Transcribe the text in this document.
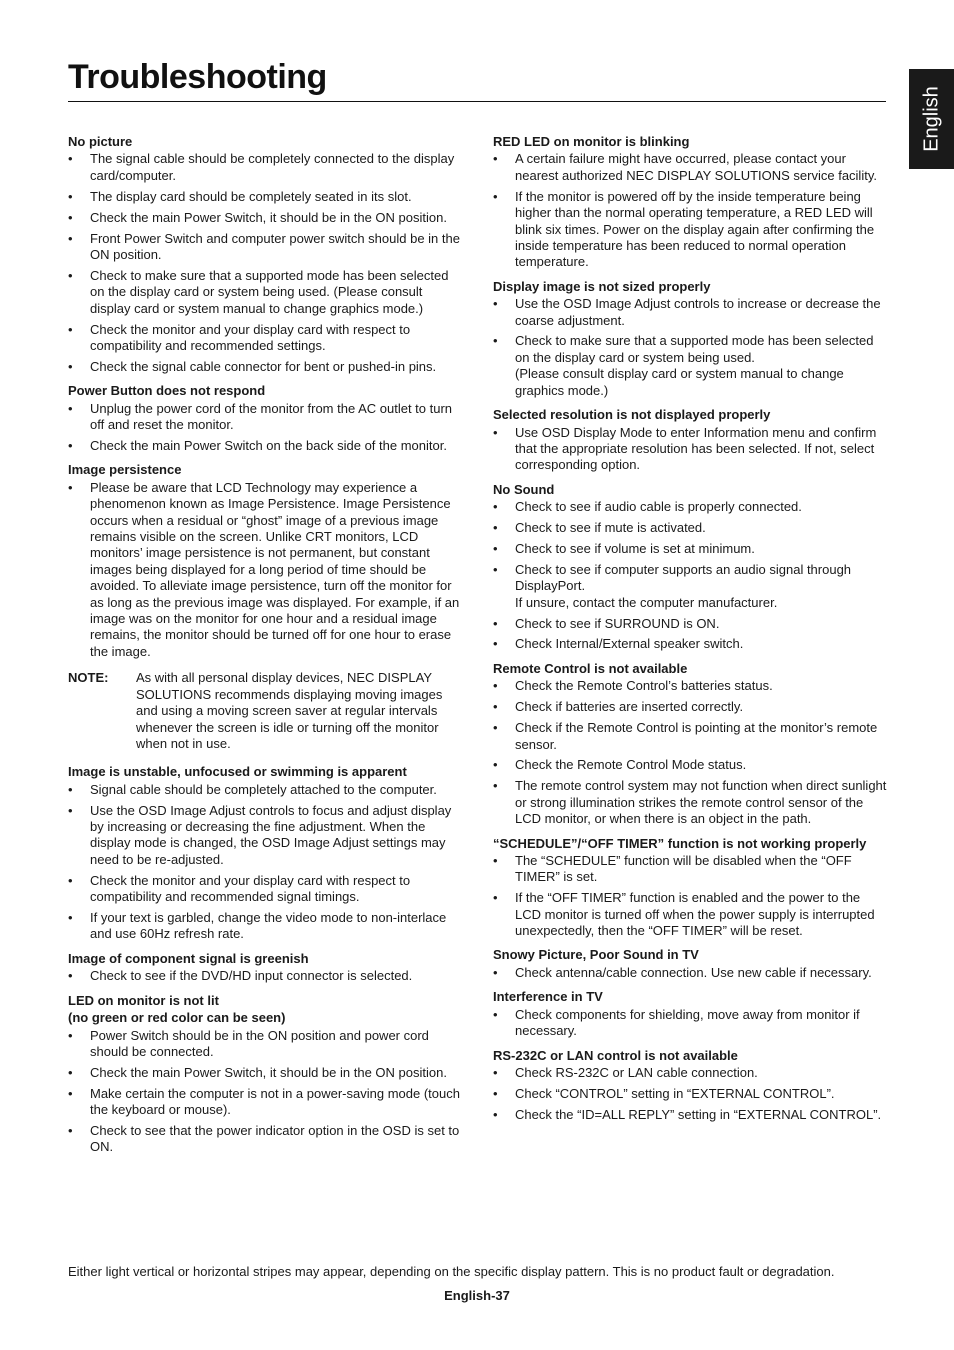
Troubleshooting
English
No picture
• The signal cable should be completely connected to the display card/computer.
• The display card should be completely seated in its slot.
• Check the main Power Switch, it should be in the ON position.
• Front Power Switch and computer power switch should be in the ON position.
• Check to make sure that a supported mode has been selected on the display card or system being used. (Please consult display card or system manual to change graphics mode.)
• Check the monitor and your display card with respect to compatibility and recommended settings.
• Check the signal cable connector for bent or pushed-in pins.
Power Button does not respond
• Unplug the power cord of the monitor from the AC outlet to turn off and reset the monitor.
• Check the main Power Switch on the back side of the monitor.
Image persistence
• Please be aware that LCD Technology may experience a phenomenon known as Image Persistence. Image Persistence occurs when a residual or “ghost” image of a previous image remains visible on the screen. Unlike CRT monitors, LCD monitors’ image persistence is not permanent, but constant images being displayed for a long period of time should be avoided. To alleviate image persistence, turn off the monitor for as long as the previous image was displayed. For example, if an image was on the monitor for one hour and a residual image remains, the monitor should be turned off for one hour to erase the image.
NOTE:	As with all personal display devices, NEC DISPLAY SOLUTIONS recommends displaying moving images and using a moving screen saver at regular intervals whenever the screen is idle or turning off the monitor when not in use.
Image is unstable, unfocused or swimming is apparent
• Signal cable should be completely attached to the computer.
• Use the OSD Image Adjust controls to focus and adjust display by increasing or decreasing the fine adjustment. When the display mode is changed, the OSD Image Adjust settings may need to be re-adjusted.
• Check the monitor and your display card with respect to compatibility and recommended signal timings.
• If your text is garbled, change the video mode to non-interlace and use 60Hz refresh rate.
Image of component signal is greenish
• Check to see if the DVD/HD input connector is selected.
LED on monitor is not lit
(no green or red color can be seen)
• Power Switch should be in the ON position and power cord should be connected.
• Check the main Power Switch, it should be in the ON position.
• Make certain the computer is not in a power-saving mode (touch the keyboard or mouse).
• Check to see that the power indicator option in the OSD is set to ON.
RED LED on monitor is blinking
• A certain failure might have occurred, please contact your nearest authorized NEC DISPLAY SOLUTIONS service facility.
• If the monitor is powered off by the inside temperature being higher than the normal operating temperature, a RED LED will blink six times. Power on the display again after confirming the inside temperature has been reduced to normal operation temperature.
Display image is not sized properly
• Use the OSD Image Adjust controls to increase or decrease the coarse adjustment.
• Check to make sure that a supported mode has been selected on the display card or system being used.
(Please consult display card or system manual to change graphics mode.)
Selected resolution is not displayed properly
• Use OSD Display Mode to enter Information menu and confirm that the appropriate resolution has been selected. If not, select corresponding option.
No Sound
• Check to see if audio cable is properly connected.
• Check to see if mute is activated.
• Check to see if volume is set at minimum.
• Check to see if computer supports an audio signal through DisplayPort.
If unsure, contact the computer manufacturer.
• Check to see if SURROUND is ON.
• Check Internal/External speaker switch.
Remote Control is not available
• Check the Remote Control’s batteries status.
• Check if batteries are inserted correctly.
• Check if the Remote Control is pointing at the monitor’s remote sensor.
• Check the Remote Control Mode status.
• The remote control system may not function when direct sunlight or strong illumination strikes the remote control sensor of the LCD monitor, or when there is an object in the path.
“SCHEDULE”/“OFF TIMER” function is not working properly
• The “SCHEDULE” function will be disabled when the “OFF TIMER” is set.
• If the “OFF TIMER” function is enabled and the power to the LCD monitor is turned off when the power supply is interrupted unexpectedly, then the “OFF TIMER” will be reset.
Snowy Picture, Poor Sound in TV
• Check antenna/cable connection. Use new cable if necessary.
Interference in TV
• Check components for shielding, move away from monitor if necessary.
RS-232C or LAN control is not available
• Check RS-232C or LAN cable connection.
• Check “CONTROL” setting in “EXTERNAL CONTROL”.
• Check the “ID=ALL REPLY” setting in “EXTERNAL CONTROL”.
Either light vertical or horizontal stripes may appear, depending on the specific display pattern. This is no product fault or degradation.
English-37
